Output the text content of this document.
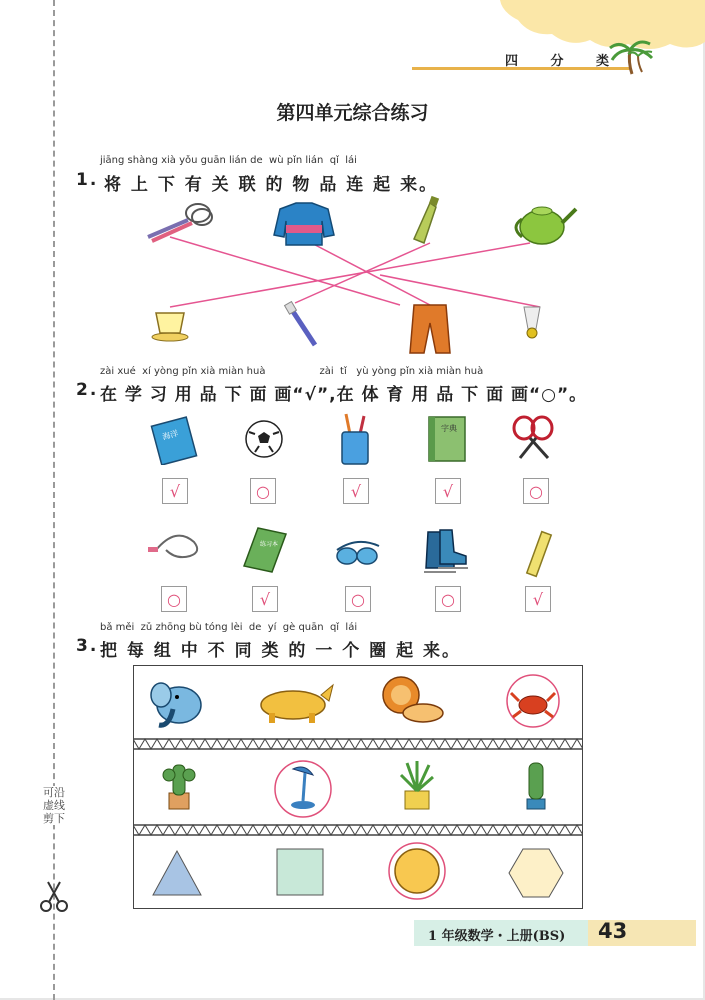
四 分 类
可沿虚线剪下
第四单元综合练习
jiāng shàng xià yǒu guān lián de  wù pǐn lián  qǐ  lái
1. 将 上 下 有 关 联 的 物 品 连 起 来。
zài xué  xí yòng pǐn xià miàn huà                 zài  tǐ   yù yòng pǐn xià miàn huà
2. 在 学 习 用 品 下 面 画“√”,在 体 育 用 品 下 面 画“○”。
海洋
字典
√	○	√	√	○
练习本
○	√	○	○	√
bǎ měi  zǔ zhōng bù tóng lèi  de  yí  gè quān  qǐ  lái
3. 把 每 组 中 不 同 类 的 一 个 圈 起 来。
1 年级数学・上册(BS) 43
